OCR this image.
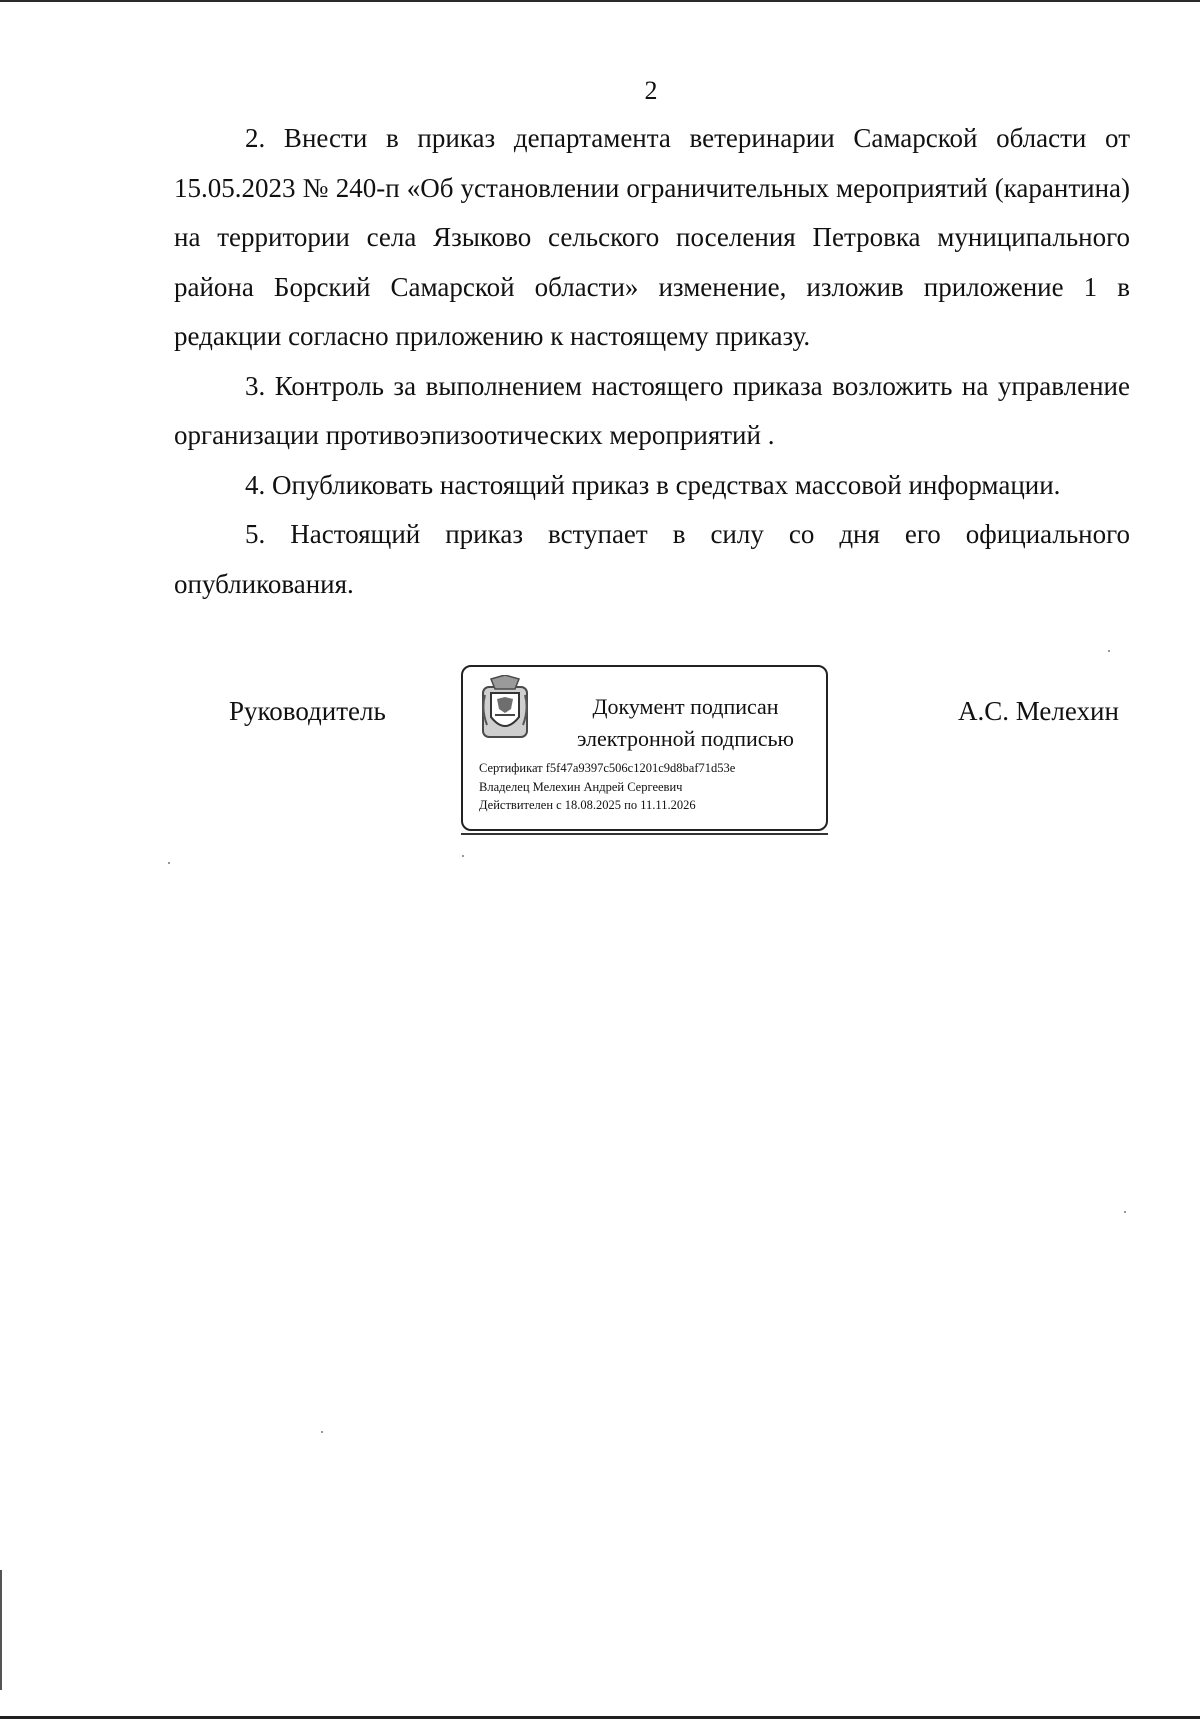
2

2. Внести в приказ департамента ветеринарии Самарской области от 15.05.2023 № 240-п «Об установлении ограничительных мероприятий (карантина) на территории села Языково сельского поселения Петровка муниципального района Борский Самарской области» изменение, изложив приложение 1 в редакции согласно приложению к настоящему приказу.

3. Контроль за выполнением настоящего приказа возложить на управление организации противоэпизоотических мероприятий .

4. Опубликовать настоящий приказ в средствах массовой информации.

5. Настоящий приказ вступает в силу со дня его официального опубликования.

Руководитель	Документ подписан
электронной подписью
Сертификат f5f47a9397c506c1201c9d8baf71d53e
Владелец Мелехин Андрей Сергеевич
Действителен с 18.08.2025 по 11.11.2026
А.С. Мелехин
